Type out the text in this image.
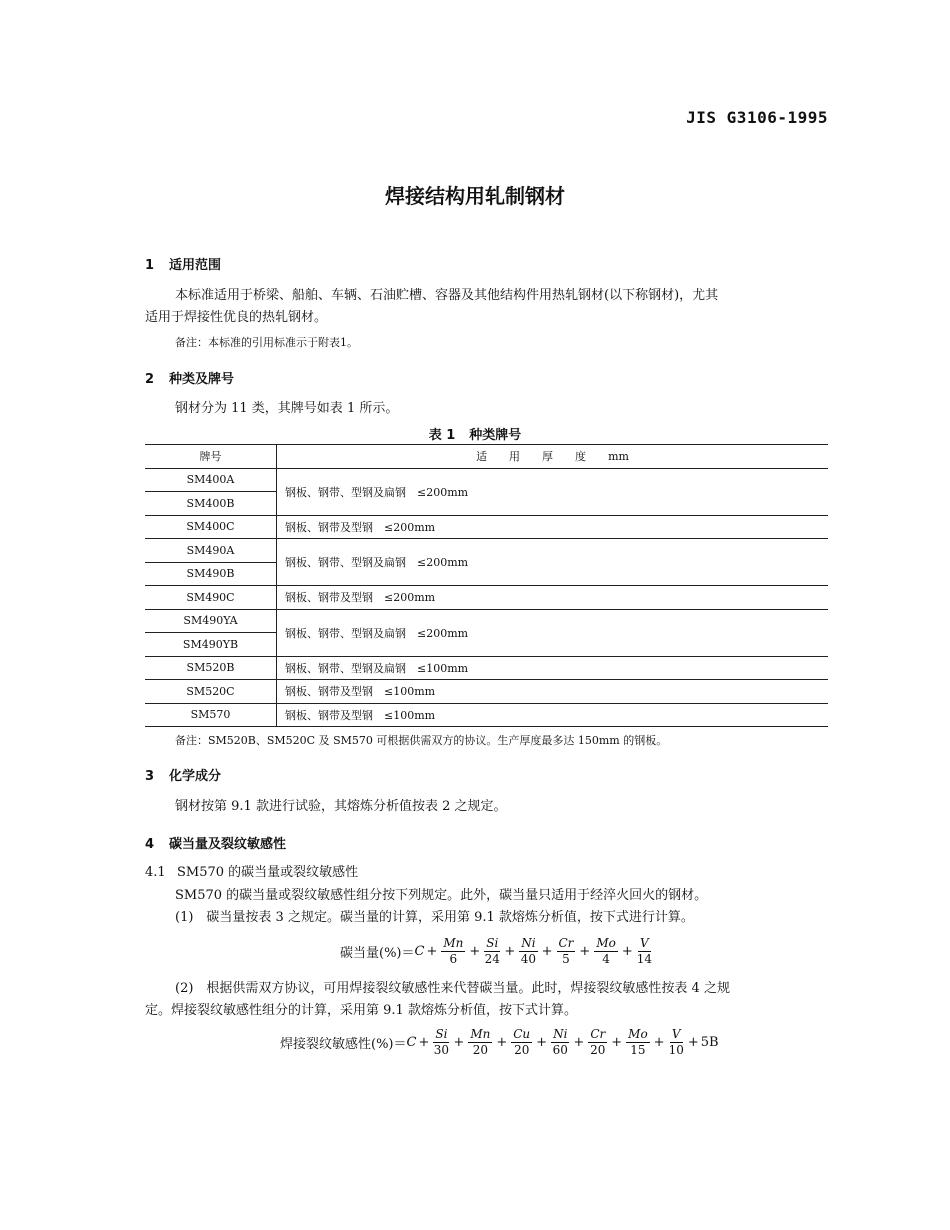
JIS G3106-1995
焊接结构用轧制钢材
1 适用范围
本标准适用于桥梁、船舶、车辆、石油贮槽、容器及其他结构件用热轧钢材(以下称钢材)，尤其
适用于焊接性优良的热轧钢材。
备注：本标准的引用标准示于附表1。
2 种类及牌号
钢材分为 11 类，其牌号如表 1 所示。
表 1 种类牌号
牌号	适用厚度mm
SM400A	钢板、钢带、型钢及扁钢　≤200mm
SM400B	
SM400C	钢板、钢带及型钢　≤200mm
SM490A	钢板、钢带、型钢及扁钢　≤200mm
SM490B	
SM490C	钢板、钢带及型钢　≤200mm
SM490YA	钢板、钢带、型钢及扁钢　≤200mm
SM490YB	
SM520B	钢板、钢带、型钢及扁钢　≤100mm
SM520C	钢板、钢带及型钢　≤100mm
SM570	钢板、钢带及型钢　≤100mm
备注：SM520B、SM520C 及 SM570 可根据供需双方的协议。生产厚度最多达 150mm 的钢板。
3 化学成分
钢材按第 9.1 款进行试验，其熔炼分析值按表 2 之规定。
4 碳当量及裂纹敏感性
4.1 SM570 的碳当量或裂纹敏感性
SM570 的碳当量或裂纹敏感性组分按下列规定。此外，碳当量只适用于经淬火回火的钢材。
(1)　碳当量按表 3 之规定。碳当量的计算，采用第 9.1 款熔炼分析值，按下式进行计算。
碳当量(%)＝ $C + \frac{Mn}{6} + \frac{Si}{24} + \frac{Ni}{40} + \frac{Cr}{5} + \frac{Mo}{4} + \frac{V}{14}$
(2)　根据供需双方协议，可用焊接裂纹敏感性来代替碳当量。此时，焊接裂纹敏感性按表 4 之规
定。焊接裂纹敏感性组分的计算，采用第 9.1 款熔炼分析值，按下式计算。
焊接裂纹敏感性(%)＝ $C + \frac{Si}{30} + \frac{Mn}{20} + \frac{Cu}{20} + \frac{Ni}{60} + \frac{Cr}{20} + \frac{Mo}{15} + \frac{V}{10} + 5B$
